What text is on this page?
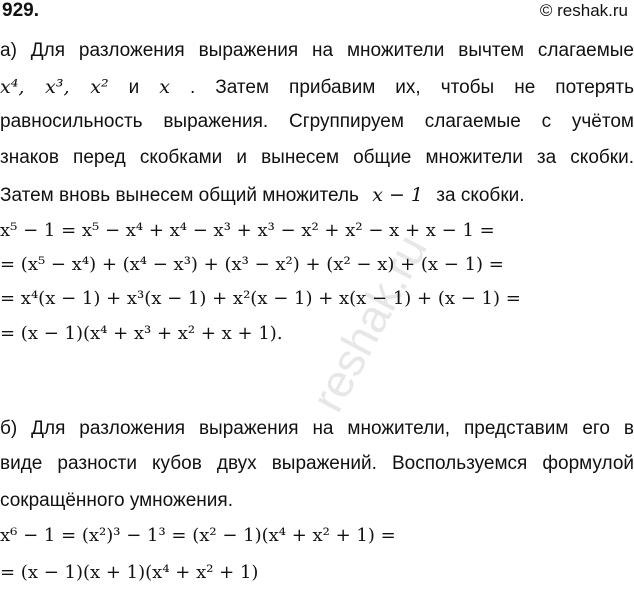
929.	© reshak.ru
reshak.ru
а) Для разложения выражения на множители вычтем слагаемые
x⁴, x³, x² и x . Затем прибавим их, чтобы не потерять
равносильность выражения. Сгруппируем слагаемые с учётом
знаков перед скобками и вынесем общие множители за скобки.
Затем вновь вынесем общий множитель x − 1 за скобки.
x⁵ − 1 = x⁵ − x⁴ + x⁴ − x³ + x³ − x² + x² − x + x − 1 =
= (x⁵ − x⁴) + (x⁴ − x³) + (x³ − x²) + (x² − x) + (x − 1) =
= x⁴(x − 1) + x³(x − 1) + x²(x − 1) + x(x − 1) + (x − 1) =
= (x − 1)(x⁴ + x³ + x² + x + 1).
б) Для разложения выражения на множители, представим его в
виде разности кубов двух выражений. Воспользуемся формулой
сокращённого умножения.
x⁶ − 1 = (x²)³ − 1³ = (x² − 1)(x⁴ + x² + 1) =
= (x − 1)(x + 1)(x⁴ + x² + 1)
